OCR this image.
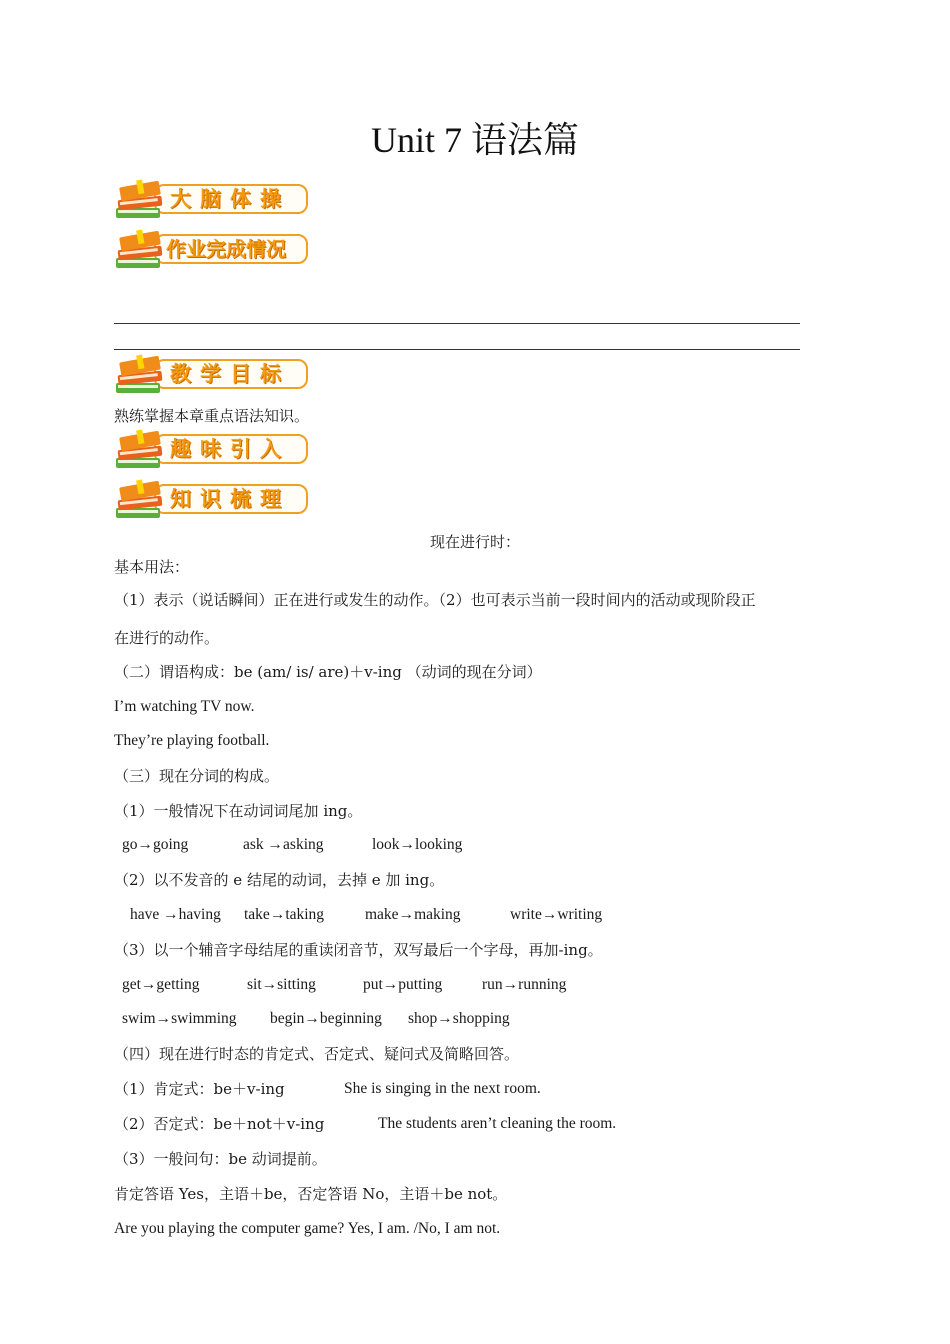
Unit 7 语法篇
大脑体操
作业完成情况
教学目标
熟练掌握本章重点语法知识。
趣味引入
知识梳理
现在进行时：
基本用法：
（1）表示（说话瞬间）正在进行或发生的动作。（2）也可表示当前一段时间内的活动或现阶段正
在进行的动作。
（二）谓语构成：be (am/ is/ are)＋v-ing （动词的现在分词）
I’m watching TV now.
They’re playing football.
（三）现在分词的构成。
（1）一般情况下在动词词尾加 ing。
go→going	ask →asking	look→looking
（2）以不发音的 e 结尾的动词，去掉 e 加 ing。
have →having take→taking	make→making	write→writing
（3）以一个辅音字母结尾的重读闭音节，双写最后一个字母，再加-ing。
get→getting	sit→sitting	put→putting	run→running
swim→swimming begin→beginning shop→shopping
（四）现在进行时态的肯定式、否定式、疑问式及简略回答。
（1）肯定式：be＋v-ing	She is singing in the next room.
（2）否定式：be＋not＋v-ing	The students aren’t cleaning the room.
（3）一般问句：be 动词提前。
肯定答语 Yes，主语＋be，否定答语 No，主语＋be not。
Are you playing the computer game? Yes, I am. /No, I am not.
